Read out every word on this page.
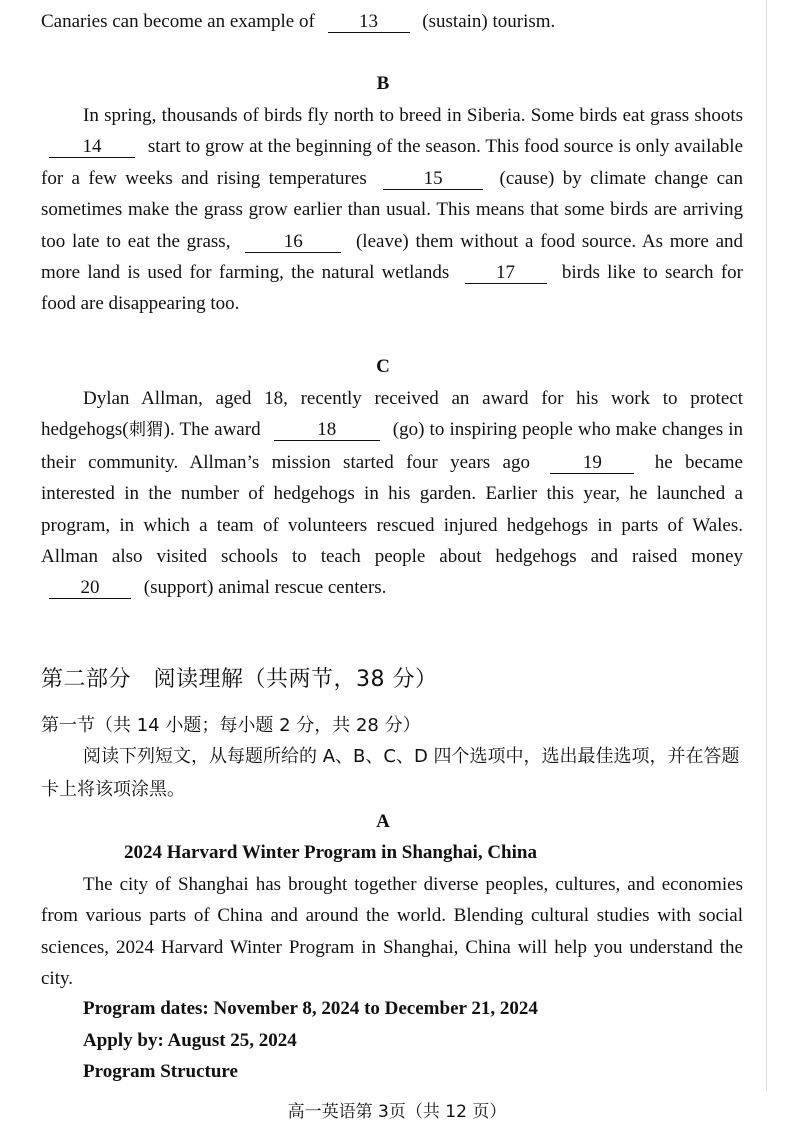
Canaries can become an example of 13 (sustain) tourism.
B
In spring, thousands of birds fly north to breed in Siberia. Some birds eat grass shoots 14 start to grow at the beginning of the season. This food source is only available for a few weeks and rising temperatures	15	(cause) by climate change can sometimes make the grass grow earlier than usual. This means that some birds are arriving too late to eat the grass,	16	(leave) them without a food source. As more and more land is used for farming, the natural wetlands 17 birds like to search for food are disappearing too.
C
Dylan Allman, aged 18, recently received an award for his work to protect hedgehogs(刺猬). The award	18	(go) to inspiring people who make changes in their community. Allman’s mission started four years ago	19	he became interested in the number of hedgehogs in his garden. Earlier this year, he launched a program, in which a team of volunteers rescued injured hedgehogs in parts of Wales. Allman also visited schools to teach people about hedgehogs and raised money 20 (support) animal rescue centers.
第二部分　阅读理解（共两节，38 分）
第一节（共 14 小题；每小题 2 分，共 28 分）
阅读下列短文，从每题所给的 A、B、C、D 四个选项中，选出最佳选项，并在答题卡上将该项涂黑。
A
2024 Harvard Winter Program in Shanghai, China
The city of Shanghai has brought together diverse peoples, cultures, and economies from various parts of China and around the world. Blending cultural studies with social sciences, 2024 Harvard Winter Program in Shanghai, China will help you understand the city.
Program dates: November 8, 2024 to December 21, 2024
Apply by: August 25, 2024
Program Structure
高一英语第 3页（共 12 页）
